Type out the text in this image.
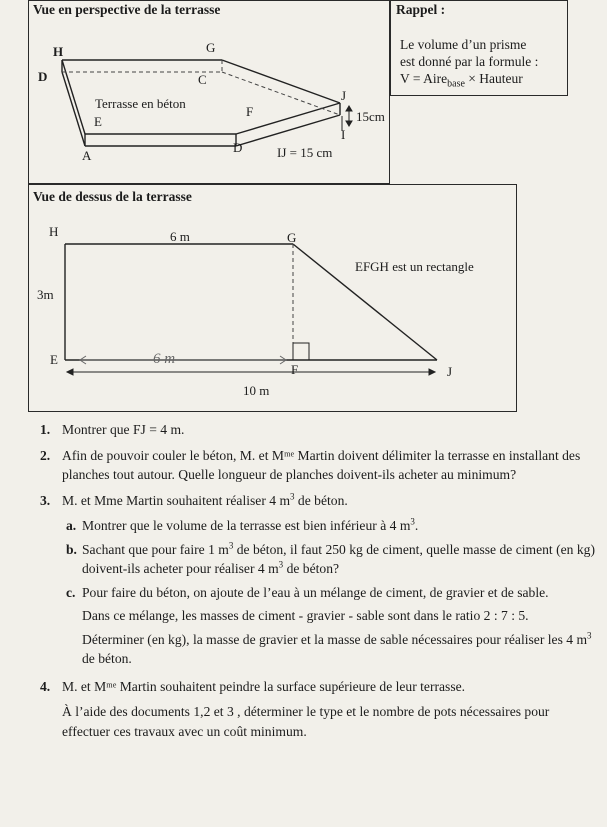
Vue en perspective de la terrasse
H	G
D	C
Terrasse en béton
E
F
J
15cm
I
A
D	IJ = 15 cm
Rappel :
Le volume d’un prisme
est donné par la formule :
V = Aire$_{base}$ × Hauteur
Vue de dessus de la terrasse
H	6 m	G
EFGH est un rectangle
3m
E	6 m
F	J
10 m
1. Montrer que FJ = 4 m.
2. Afin de pouvoir couler le béton, M. et Mᵐᵉ Martin doivent délimiter la terrasse en installant des planches tout autour. Quelle longueur de planches doivent-ils acheter au minimum?
3. M. et Mme Martin souhaitent réaliser 4 $m^3$ de béton.
a. Montrer que le volume de la terrasse est bien inférieur à 4 $m^3$.
b. Sachant que pour faire 1 $m^3$ de béton, il faut 250 kg de ciment, quelle masse de ciment (en kg) doivent-ils acheter pour réaliser 4 $m^3$ de béton?
c. Pour faire du béton, on ajoute de l’eau à un mélange de ciment, de gravier et de sable.
Dans ce mélange, les masses de ciment - gravier - sable sont dans le ratio 2 : 7 : 5.
Déterminer (en kg), la masse de gravier et la masse de sable nécessaires pour réaliser les 4 $m^3$ de béton.
4. M. et Mᵐᵉ Martin souhaitent peindre la surface supérieure de leur terrasse.
À l’aide des documents 1,2 et 3 , déterminer le type et le nombre de pots nécessaires pour effectuer ces travaux avec un coût minimum.
